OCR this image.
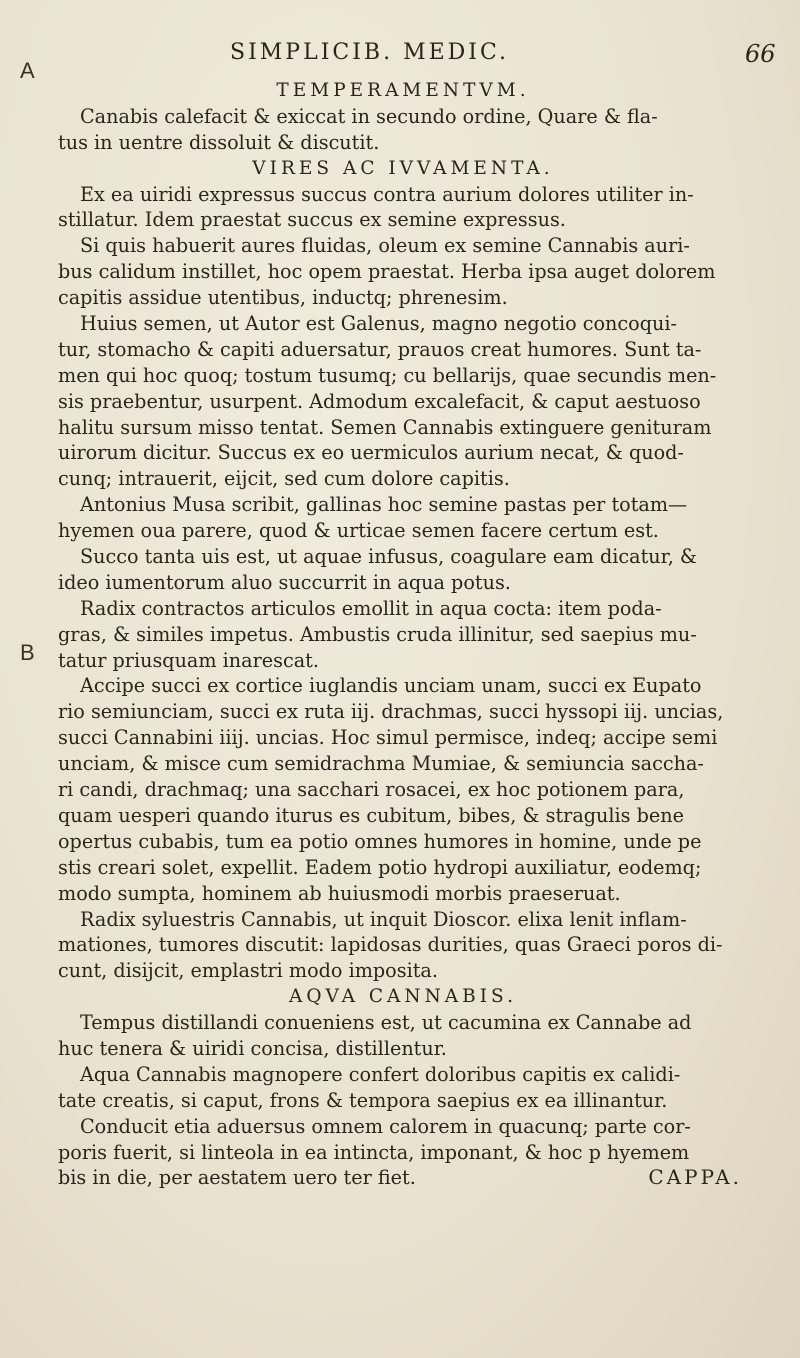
SIMPLICIB. MEDIC.	66
A
B
TEMPERAMENTVM.
Canabis calefacit & exiccat in secundo ordine, Quare & fla-
tus in uentre dissoluit & discutit.
VIRES AC IVVAMENTA.
Ex ea uiridi expressus succus contra aurium dolores utiliter in-
stillatur. Idem praestat succus ex semine expressus.
Si quis habuerit aures fluidas, oleum ex semine Cannabis auri-
bus calidum instillet, hoc opem praestat. Herba ipsa auget dolorem
capitis assidue utentibus, inductq; phrenesim.
Huius semen, ut Autor est Galenus, magno negotio concoqui-
tur, stomacho & capiti aduersatur, prauos creat humores. Sunt ta-
men qui hoc quoq; tostum tusumq; cu bellarijs, quae secundis men-
sis praebentur, usurpent. Admodum excalefacit, & caput aestuoso
halitu sursum misso tentat. Semen Cannabis extinguere genituram
uirorum dicitur. Succus ex eo uermiculos aurium necat, & quod-
cunq; intrauerit, eijcit, sed cum dolore capitis.
Antonius Musa scribit, gallinas hoc semine pastas per totam—
hyemen oua parere, quod & urticae semen facere certum est.
Succo tanta uis est, ut aquae infusus, coagulare eam dicatur, &
ideo iumentorum aluo succurrit in aqua potus.
Radix contractos articulos emollit in aqua cocta: item poda-
gras, & similes impetus. Ambustis cruda illinitur, sed saepius mu-
tatur priusquam inarescat.
Accipe succi ex cortice iuglandis unciam unam, succi ex Eupato
rio semiunciam, succi ex ruta iij. drachmas, succi hyssopi iij. uncias,
succi Cannabini iiij. uncias. Hoc simul permisce, indeq; accipe semi
unciam, & misce cum semidrachma Mumiae, & semiuncia saccha-
ri candi, drachmaq; una sacchari rosacei, ex hoc potionem para,
quam uesperi quando iturus es cubitum, bibes, & stragulis bene
opertus cubabis, tum ea potio omnes humores in homine, unde pe
stis creari solet, expellit. Eadem potio hydropi auxiliatur, eodemq;
modo sumpta, hominem ab huiusmodi morbis praeseruat.
Radix syluestris Cannabis, ut inquit Dioscor. elixa lenit inflam-
mationes, tumores discutit: lapidosas durities, quas Graeci poros di-
cunt, disijcit, emplastri modo imposita.
AQVA CANNABIS.
Tempus distillandi conueniens est, ut cacumina ex Cannabe ad
huc tenera & uiridi concisa, distillentur.
Aqua Cannabis magnopere confert doloribus capitis ex calidi-
tate creatis, si caput, frons & tempora saepius ex ea illinantur.
Conducit etia aduersus omnem calorem in quacunq; parte cor-
poris fuerit, si linteola in ea intincta, imponant, & hoc p hyemem
bis in die, per aestatem uero ter fiet.	CAPPA.
